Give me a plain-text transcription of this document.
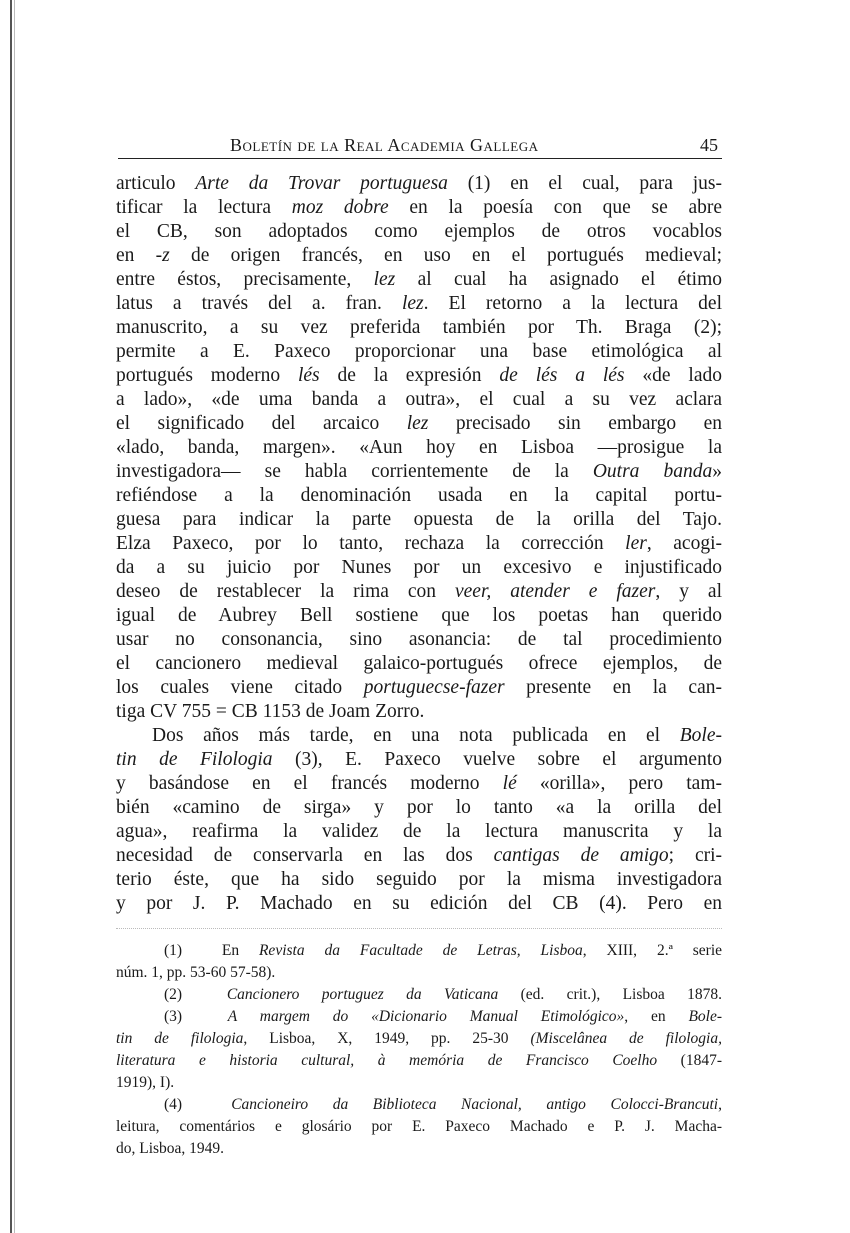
Boletín de la Real Academia Gallega	45
articulo Arte da Trovar portuguesa (1) en el cual, para jus-
tificar la lectura moz dobre en la poesía con que se abre
el CB, son adoptados como ejemplos de otros vocablos
en -z de origen francés, en uso en el portugués medieval;
entre éstos, precisamente, lez al cual ha asignado el étimo
latus a través del a. fran. lez. El retorno a la lectura del
manuscrito, a su vez preferida también por Th. Braga (2);
permite a E. Paxeco proporcionar una base etimológica al
portugués moderno lés de la expresión de lés a lés «de lado
a lado», «de uma banda a outra», el cual a su vez aclara
el significado del arcaico lez precisado sin embargo en
«lado, banda, margen». «Aun hoy en Lisboa —prosigue la
investigadora— se habla corrientemente de la Outra banda»
refiéndose a la denominación usada en la capital portu-
guesa para indicar la parte opuesta de la orilla del Tajo.
Elza Paxeco, por lo tanto, rechaza la corrección ler, acogi-
da a su juicio por Nunes por un excesivo e injustificado
deseo de restablecer la rima con veer, atender e fazer, y al
igual de Aubrey Bell sostiene que los poetas han querido
usar no consonancia, sino asonancia: de tal procedimiento
el cancionero medieval galaico-portugués ofrece ejemplos, de
los cuales viene citado portuguecse-fazer presente en la can-
tiga CV 755 = CB 1153 de Joam Zorro.
Dos años más tarde, en una nota publicada en el Bole-
tin de Filologia (3), E. Paxeco vuelve sobre el argumento
y basándose en el francés moderno lé «orilla», pero tam-
bién «camino de sirga» y por lo tanto «a la orilla del
agua», reafirma la validez de la lectura manuscrita y la
necesidad de conservarla en las dos cantigas de amigo; cri-
terio éste, que ha sido seguido por la misma investigadora
y por J. P. Machado en su edición del CB (4). Pero en
(1)  En Revista da Facultade de Letras, Lisboa, XIII, 2.ª serie
núm. 1, pp. 53-60 57-58).
(2)  Cancionero portuguez da Vaticana (ed. crit.), Lisboa 1878.
(3)  A margem do «Dicionario Manual Etimológico», en Bole-
tin de filologia, Lisboa, X, 1949, pp. 25-30 (Miscelânea de filologia,
literatura e historia cultural, à memória de Francisco Coelho (1847-
1919), I).
(4)  Cancioneiro da Biblioteca Nacional, antigo Colocci-Brancuti,
leitura, comentários e glosário por E. Paxeco Machado e P. J. Macha-
do, Lisboa, 1949.
